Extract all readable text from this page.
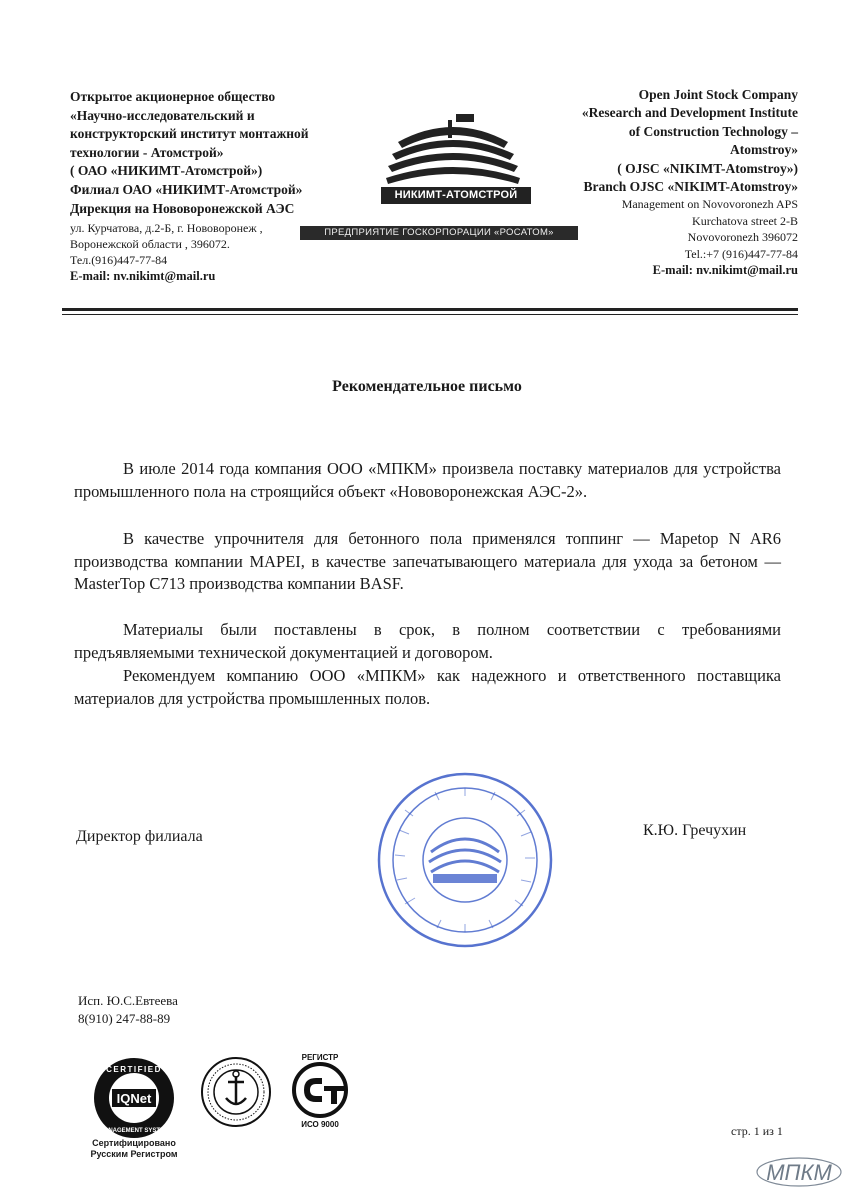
Открытое акционерное общество
«Научно-исследовательский и
конструкторский институт монтажной
технологии - Атомстрой»
( ОАО «НИКИМТ-Атомстрой»)
Филиал ОАО «НИКИМТ-Атомстрой»
Дирекция на Нововоронежской АЭС
ул. Курчатова, д.2-Б, г. Нововоронеж ,
Воронежской области , 396072.
Тел.(916)447-77-84
E-mail: nv.nikimt@mail.ru
НИКИМТ-АТОМСТРОЙ
ПРЕДПРИЯТИЕ ГОСКОРПОРАЦИИ «РОСАТОМ»
Open Joint Stock Company
«Research and Development Institute
of Construction Technology –
Atomstroy»
( OJSC «NIKIMT-Atomstroy»)
Branch OJSC «NIKIMT-Atomstroy»
Management on Novovoronezh APS
Kurchatova street 2-B
Novovoronezh 396072
Tel.:+7 (916)447-77-84
E-mail: nv.nikimt@mail.ru
Рекомендательное письмо
В июле 2014 года компания ООО «МПКМ» произвела поставку материалов для устройства промышленного пола на строящийся объект «Нововоронежская АЭС-2».
В качестве упрочнителя для бетонного пола применялся топпинг — Mapetop N AR6 производства компании MAPEI, в качестве запечатывающего материала для ухода за бетоном — MasterTop C713 производства компании BASF.
Материалы были поставлены в срок, в полном соответствии с требованиями предъявляемыми технической документацией и договором.
Рекомендуем компанию ООО «МПКМ» как надежного и ответственного поставщика материалов для устройства промышленных полов.
Директор филиала	К.Ю. Гречухин
Исп. Ю.С.Евтеева
8(910) 247-88-89
IQNet
CERTIFIED
MANAGEMENT SYSTEM
Сертифицировано
Русским Регистром
РЕГИСТР
ИСО 9000	стр. 1 из 1
МПКМ
